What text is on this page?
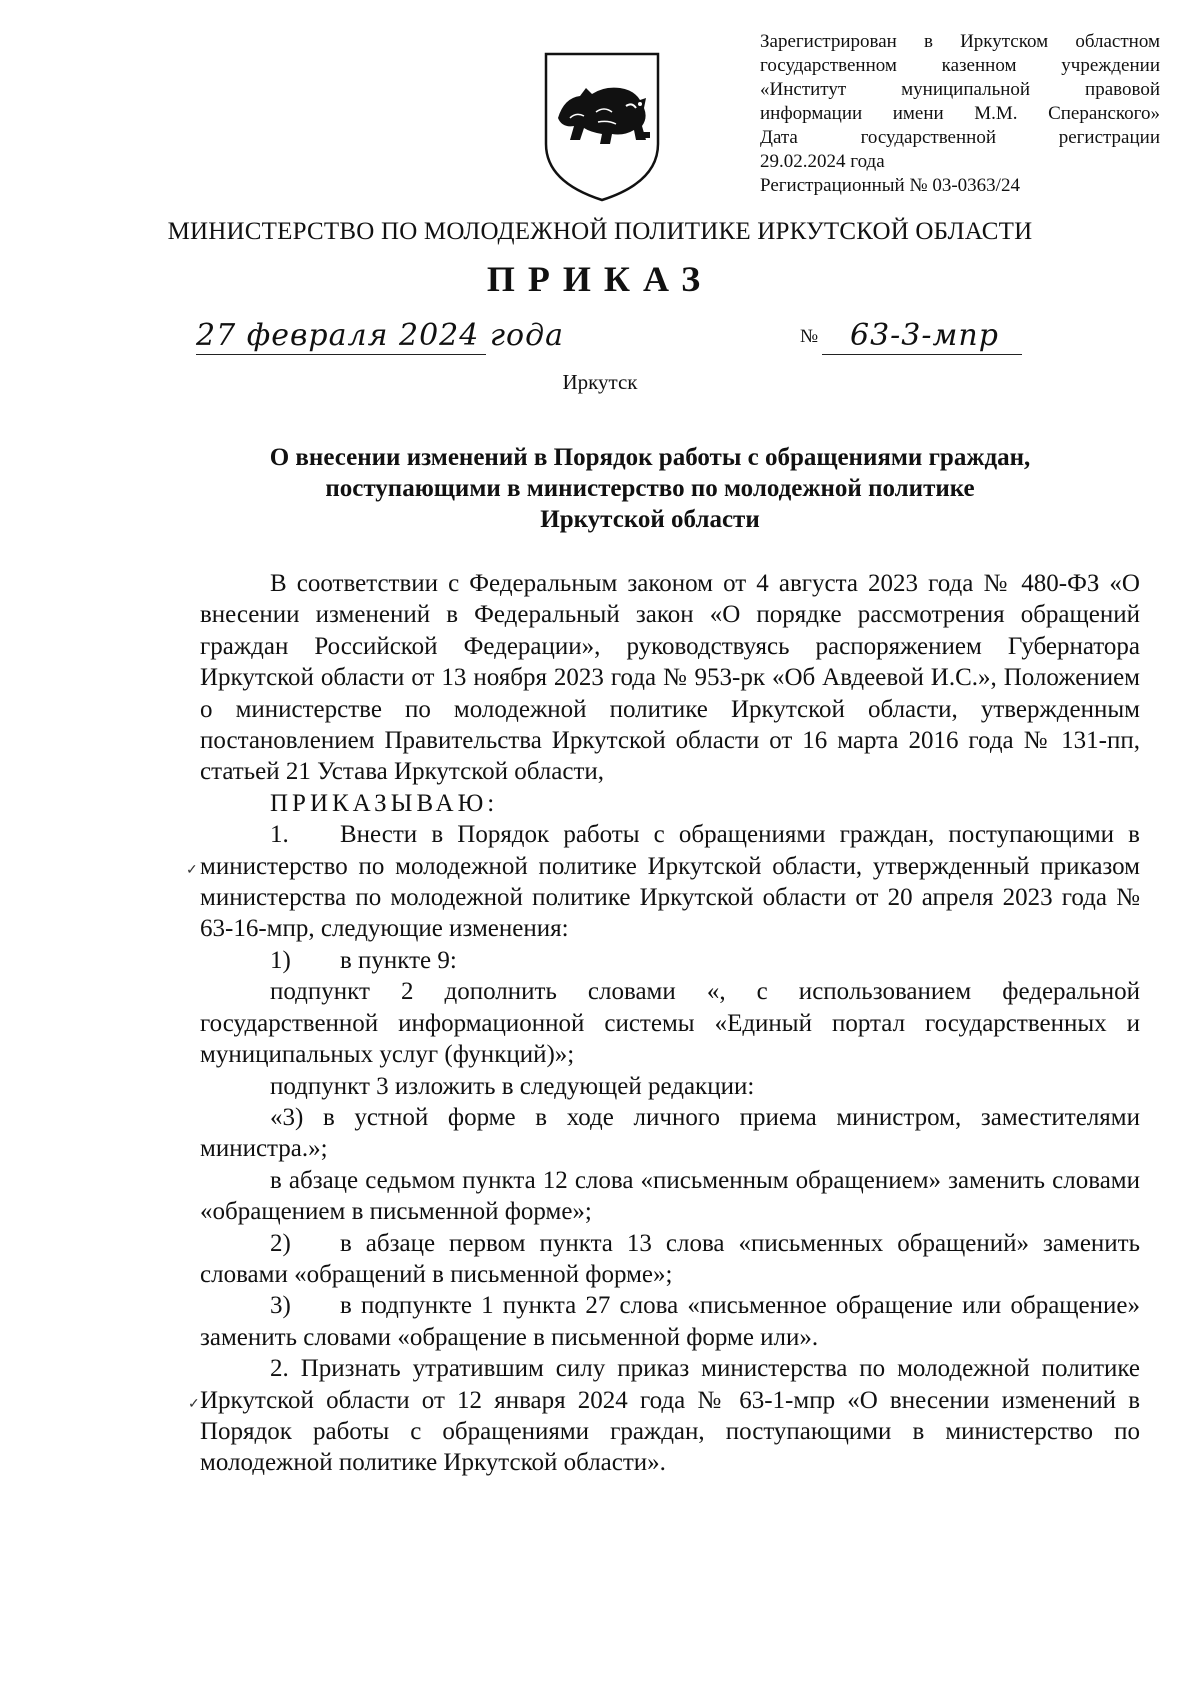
Зарегистрирован в Иркутском областном
государственном казенном учреждении
«Институт муниципальной правовой
информации имени М.М. Сперанского»
Дата государственной регистрации
29.02.2024 года
Регистрационный № 03-0363/24
МИНИСТЕРСТВО ПО МОЛОДЕЖНОЙ ПОЛИТИКЕ ИРКУТСКОЙ ОБЛАСТИ
ПРИКАЗ
27 февраля 2024 года	№ 63-3-мпр
Иркутск
О внесении изменений в Порядок работы с обращениями граждан,
поступающими в министерство по молодежной политике
Иркутской области
✓
✓

В соответствии с Федеральным законом от 4 августа 2023 года № 480-ФЗ «О внесении изменений в Федеральный закон «О порядке рассмотрения обращений граждан Российской Федерации», руководствуясь распоряжением Губернатора Иркутской области от 13 ноября 2023 года № 953-рк «Об Авдеевой И.С.», Положением о министерстве по молодежной политике Иркутской области, утвержденным постановлением Правительства Иркутской области от 16 марта 2016 года № 131-пп, статьей 21 Устава Иркутской области,

ПРИКАЗЫВАЮ:

1. Внести в Порядок работы с обращениями граждан, поступающими в министерство по молодежной политике Иркутской области, утвержденный приказом министерства по молодежной политике Иркутской области от 20 апреля 2023 года № 63-16-мпр, следующие изменения:

1) в пункте 9:

подпункт 2 дополнить словами «, с использованием федеральной государственной информационной системы «Единый портал государственных и муниципальных услуг (функций)»;

подпункт 3 изложить в следующей редакции:

«3) в устной форме в ходе личного приема министром, заместителями министра.»;

в абзаце седьмом пункта 12 слова «письменным обращением» заменить словами «обращением в письменной форме»;

2) в абзаце первом пункта 13 слова «письменных обращений» заменить словами «обращений в письменной форме»;

3) в подпункте 1 пункта 27 слова «письменное обращение или обращение» заменить словами «обращение в письменной форме или».

2. Признать утратившим силу приказ министерства по молодежной политике Иркутской области от 12 января 2024 года № 63-1-мпр «О внесении изменений в Порядок работы с обращениями граждан, поступающими в министерство по молодежной политике Иркутской области».
